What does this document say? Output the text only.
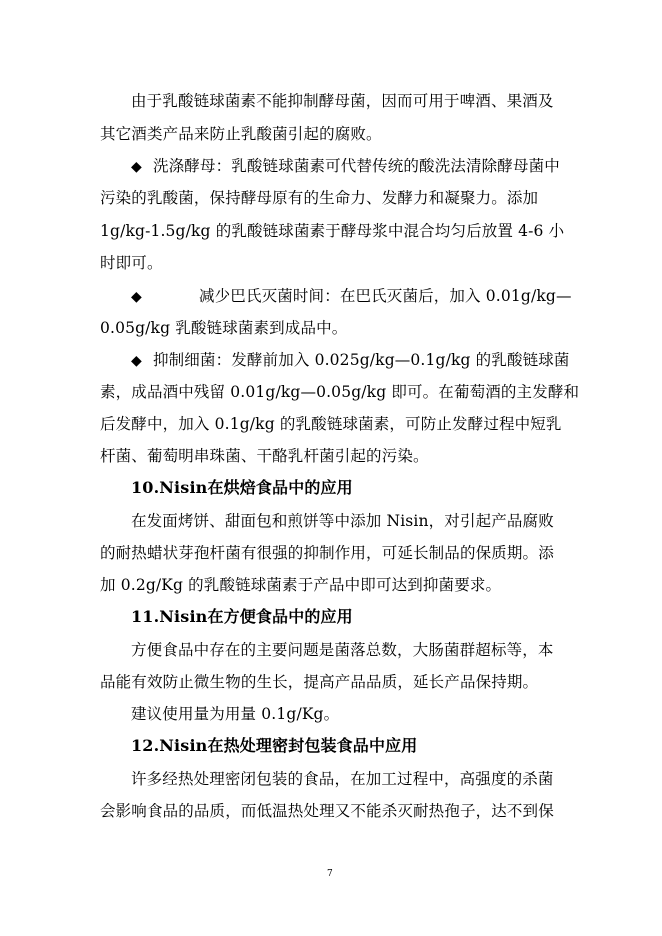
由于乳酸链球菌素不能抑制酵母菌，因而可用于啤酒、果酒及
其它酒类产品来防止乳酸菌引起的腐败。
◆ 洗涤酵母：乳酸链球菌素可代替传统的酸洗法清除酵母菌中
污染的乳酸菌，保持酵母原有的生命力、发酵力和凝聚力。添加
1g/kg-1.5g/kg 的乳酸链球菌素于酵母浆中混合均匀后放置 4-6 小
时即可。
◆	减少巴氏灭菌时间：在巴氏灭菌后，加入 0.01g/kg—
0.05g/kg 乳酸链球菌素到成品中。
◆ 抑制细菌：发酵前加入 0.025g/kg—0.1g/kg 的乳酸链球菌
素，成品酒中残留 0.01g/kg—0.05g/kg 即可。在葡萄酒的主发酵和
后发酵中，加入 0.1g/kg 的乳酸链球菌素，可防止发酵过程中短乳
杆菌、葡萄明串珠菌、干酪乳杆菌引起的污染。
10.Nisin在烘焙食品中的应用
在发面烤饼、甜面包和煎饼等中添加 Nisin，对引起产品腐败
的耐热蜡状芽孢杆菌有很强的抑制作用，可延长制品的保质期。添
加 0.2g/Kg 的乳酸链球菌素于产品中即可达到抑菌要求。
11.Nisin在方便食品中的应用
方便食品中存在的主要问题是菌落总数，大肠菌群超标等，本
品能有效防止微生物的生长，提高产品品质，延长产品保持期。
建议使用量为用量 0.1g/Kg。
12.Nisin在热处理密封包装食品中应用
许多经热处理密闭包装的食品，在加工过程中，高强度的杀菌
会影响食品的品质，而低温热处理又不能杀灭耐热孢子，达不到保
7
